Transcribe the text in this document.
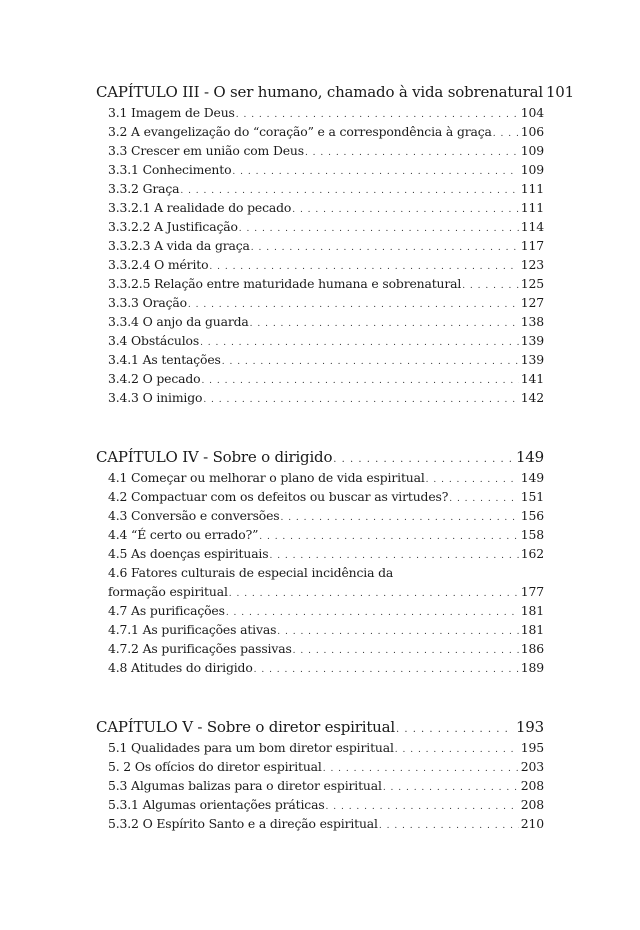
CAPÍTULO III - O ser humano, chamado à vida sobrenatural 101
3.1 Imagem de Deus . . .	104
3.2 A evangelização do “coração” e a correspondência à graça . . . 106
3.3 Crescer em união com Deus . . .	109
3.3.1 Conhecimento . . .	109
3.3.2 Graça . . .	111
3.3.2.1 A realidade do pecado . . .	111
3.3.2.2 A Justificação . . .	114
3.3.2.3 A vida da graça . . .	117
3.3.2.4 O mérito . . .	123
3.3.2.5 Relação entre maturidade humana e sobrenatural . . .	125
3.3.3 Oração . . .	127
3.3.4 O anjo da guarda . . .	138
3.4 Obstáculos . . .	139
3.4.1 As tentações . . .	139
3.4.2 O pecado . . .	141
3.4.3 O inimigo . . .	142
CAPÍTULO IV - Sobre o dirigido . . .	149
4.1 Começar ou melhorar o plano de vida espiritual . . .	149
4.2 Compactuar com os defeitos ou buscar as virtudes? . . .	151
4.3 Conversão e conversões . . .	156
4.4 “É certo ou errado?” . . .	158
4.5 As doenças espirituais . . .	162
4.6 Fatores culturais de especial incidência da
formação espiritual . . .	177
4.7 As purificações . . .	181
4.7.1 As purificações ativas . . .	181
4.7.2 As purificações passivas . . .	186
4.8 Atitudes do dirigido . . .	189
CAPÍTULO V - Sobre o diretor espiritual . . .	193
5.1 Qualidades para um bom diretor espiritual . . .	195
5. 2 Os ofícios do diretor espiritual . . .	203
5.3 Algumas balizas para o diretor espiritual . . .	208
5.3.1 Algumas orientações práticas . . .	208
5.3.2 O Espírito Santo e a direção espiritual . . .	210
